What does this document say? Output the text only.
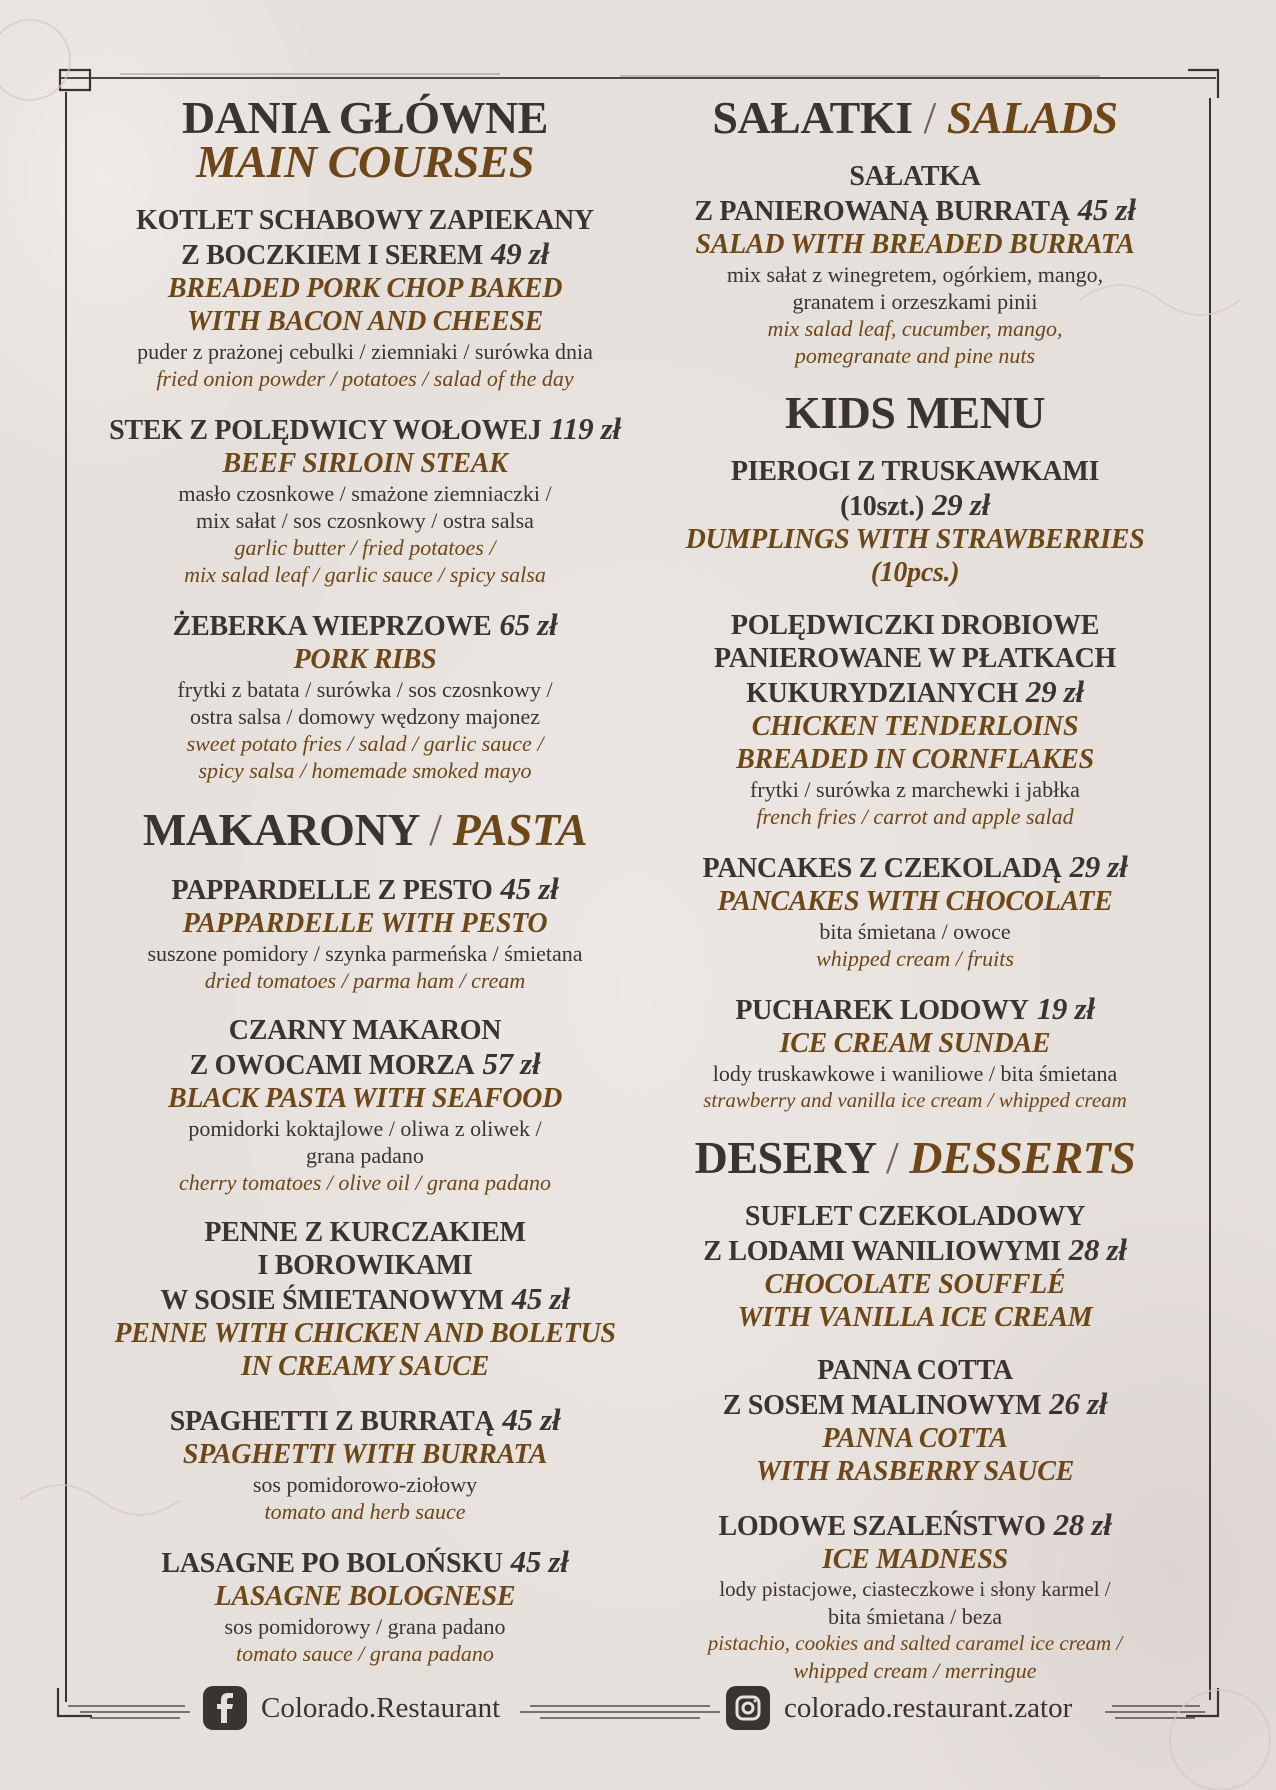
DANIA GŁÓWNE
MAIN COURSES
KOTLET SCHABOWY ZAPIEKANY
Z BOCZKIEM I SEREM 49 zł
BREADED PORK CHOP BAKED
WITH BACON AND CHEESE
puder z prażonej cebulki / ziemniaki / surówka dnia
fried onion powder / potatoes / salad of the day
STEK Z POLĘDWICY WOŁOWEJ 119 zł
BEEF SIRLOIN STEAK
masło czosnkowe / smażone ziemniaczki /
mix sałat / sos czosnkowy / ostra salsa
garlic butter / fried potatoes /
mix salad leaf / garlic sauce / spicy salsa
ŻEBERKA WIEPRZOWE 65 zł
PORK RIBS
frytki z batata / surówka / sos czosnkowy /
ostra salsa / domowy wędzony majonez
sweet potato fries / salad / garlic sauce /
spicy salsa / homemade smoked mayo
MAKARONY / PASTA
PAPPARDELLE Z PESTO 45 zł
PAPPARDELLE WITH PESTO
suszone pomidory / szynka parmeńska / śmietana
dried tomatoes / parma ham / cream
CZARNY MAKARON
Z OWOCAMI MORZA 57 zł
BLACK PASTA WITH SEAFOOD
pomidorki koktajlowe / oliwa z oliwek /
grana padano
cherry tomatoes / olive oil / grana padano
PENNE Z KURCZAKIEM
I BOROWIKAMI
W SOSIE ŚMIETANOWYM 45 zł
PENNE WITH CHICKEN AND BOLETUS
IN CREAMY SAUCE
SPAGHETTI Z BURRATĄ 45 zł
SPAGHETTI WITH BURRATA
sos pomidorowo-ziołowy
tomato and herb sauce
LASAGNE PO BOLOŃSKU 45 zł
LASAGNE BOLOGNESE
sos pomidorowy / grana padano
tomato sauce / grana padano
SAŁATKI / SALADS
SAŁATKA
Z PANIEROWANĄ BURRATĄ 45 zł
SALAD WITH BREADED BURRATA
mix sałat z winegretem, ogórkiem, mango,
granatem i orzeszkami pinii
mix salad leaf, cucumber, mango,
pomegranate and pine nuts
KIDS MENU
PIEROGI Z TRUSKAWKAMI
(10szt.) 29 zł
DUMPLINGS WITH STRAWBERRIES
(10pcs.)
POLĘDWICZKI DROBIOWE
PANIEROWANE W PŁATKACH
KUKURYDZIANYCH 29 zł
CHICKEN TENDERLOINS
BREADED IN CORNFLAKES
frytki / surówka z marchewki i jabłka
french fries / carrot and apple salad
PANCAKES Z CZEKOLADĄ 29 zł
PANCAKES WITH CHOCOLATE
bita śmietana / owoce
whipped cream / fruits
PUCHAREK LODOWY 19 zł
ICE CREAM SUNDAE
lody truskawkowe i waniliowe / bita śmietana
strawberry and vanilla ice cream / whipped cream
DESERY / DESSERTS
SUFLET CZEKOLADOWY
Z LODAMI WANILIOWYMI 28 zł
CHOCOLATE SOUFFLÉ
WITH VANILLA ICE CREAM
PANNA COTTA
Z SOSEM MALINOWYM 26 zł
PANNA COTTA
WITH RASBERRY SAUCE
LODOWE SZALEŃSTWO 28 zł
ICE MADNESS
lody pistacjowe, ciasteczkowe i słony karmel /
bita śmietana / beza
pistachio, cookies and salted caramel ice cream /
whipped cream / merringue
Colorado.Restaurant	colorado.restaurant.zator
